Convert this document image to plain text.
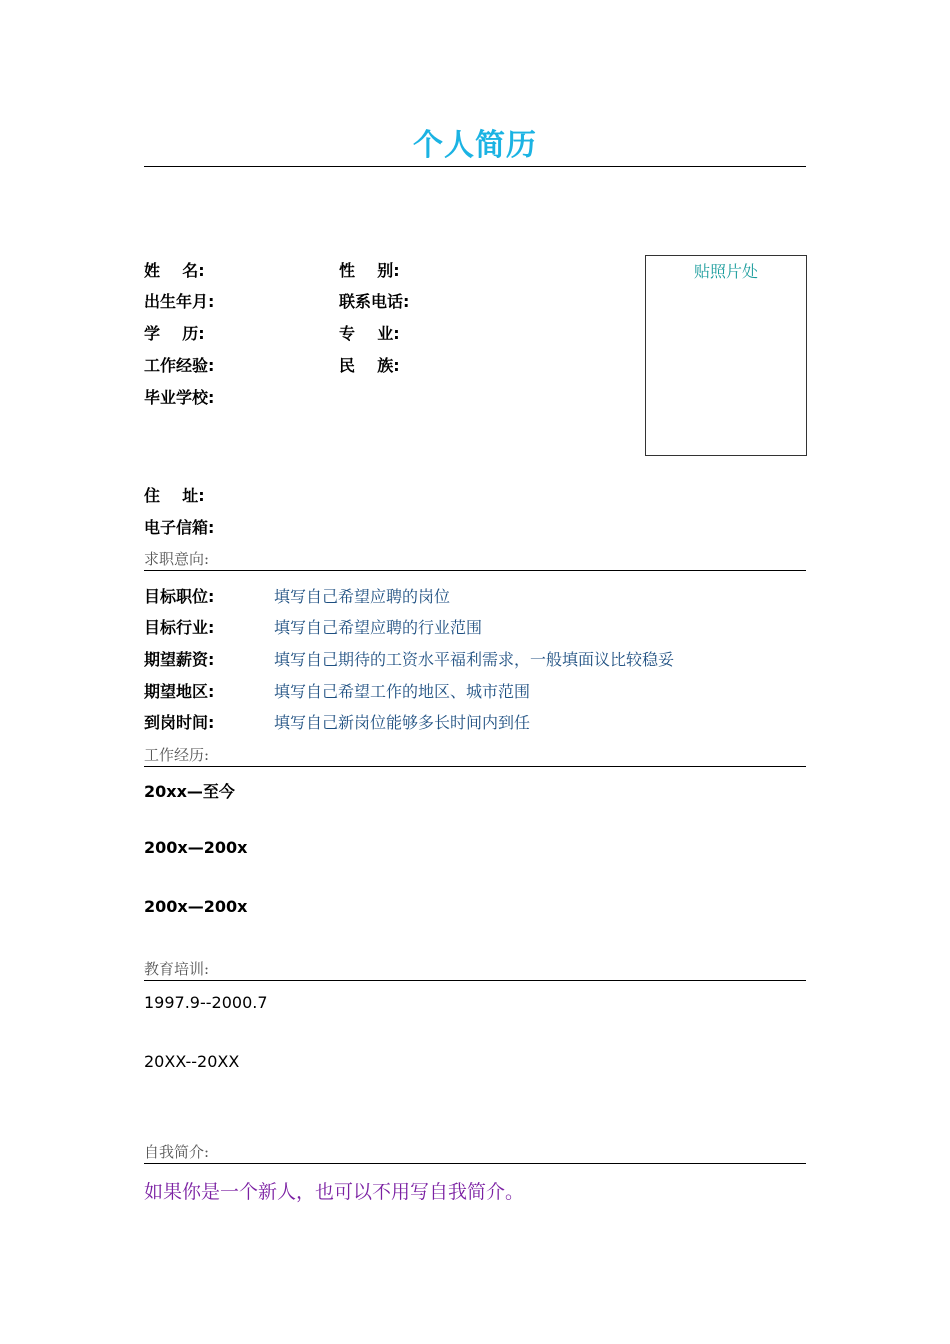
个人简历
姓    名:	性    别:
出生年月:	联系电话:
学    历:	专    业:
工作经验:	民    族:
毕业学校:
贴照片处
住    址:
电子信箱:
求职意向:
目标职位:	填写自己希望应聘的岗位
目标行业:	填写自己希望应聘的行业范围
期望薪资:	填写自己期待的工资水平福利需求，一般填面议比较稳妥
期望地区:	填写自己希望工作的地区、城市范围
到岗时间:	填写自己新岗位能够多长时间内到任
工作经历:
20xx—至今
200x—200x
200x—200x
教育培训:
1997.9--2000.7
20XX--20XX
自我简介:
如果你是一个新人，也可以不用写自我简介。
